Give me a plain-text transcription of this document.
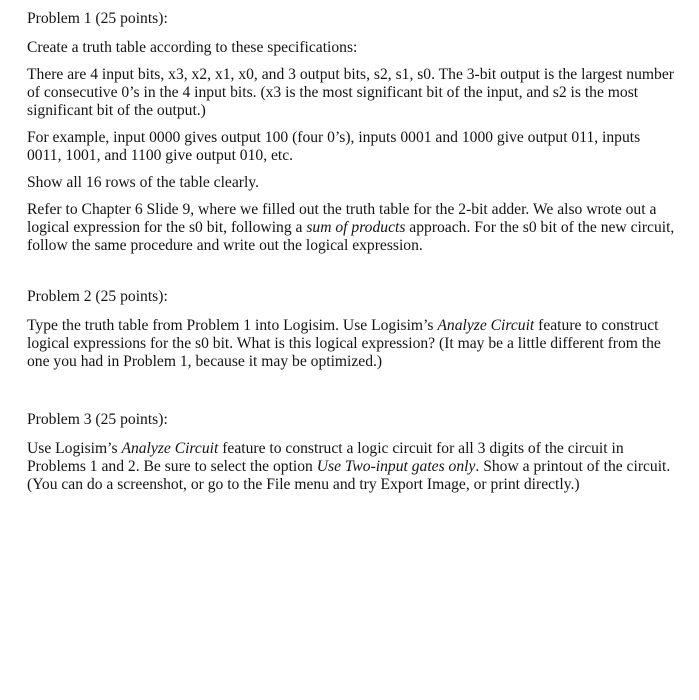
Problem 1 (25 points):

Create a truth table according to these specifications:

There are 4 input bits, x3, x2, x1, x0, and 3 output bits, s2, s1, s0. The 3-bit output is the largest number of consecutive 0’s in the 4 input bits. (x3 is the most significant bit of the input, and s2 is the most significant bit of the output.)

For example, input 0000 gives output 100 (four 0’s), inputs 0001 and 1000 give output 011, inputs 0011, 1001, and 1100 give output 010, etc.

Show all 16 rows of the table clearly.

Refer to Chapter 6 Slide 9, where we filled out the truth table for the 2-bit adder. We also wrote out a logical expression for the s0 bit, following a sum of products approach. For the s0 bit of the new circuit, follow the same procedure and write out the logical expression.

Problem 2 (25 points):

Type the truth table from Problem 1 into Logisim. Use Logisim’s Analyze Circuit feature to construct logical expressions for the s0 bit. What is this logical expression? (It may be a little different from the one you had in Problem 1, because it may be optimized.)

Problem 3 (25 points):

Use Logisim’s Analyze Circuit feature to construct a logic circuit for all 3 digits of the circuit in Problems 1 and 2. Be sure to select the option Use Two-input gates only. Show a printout of the circuit. (You can do a screenshot, or go to the File menu and try Export Image, or print directly.)
